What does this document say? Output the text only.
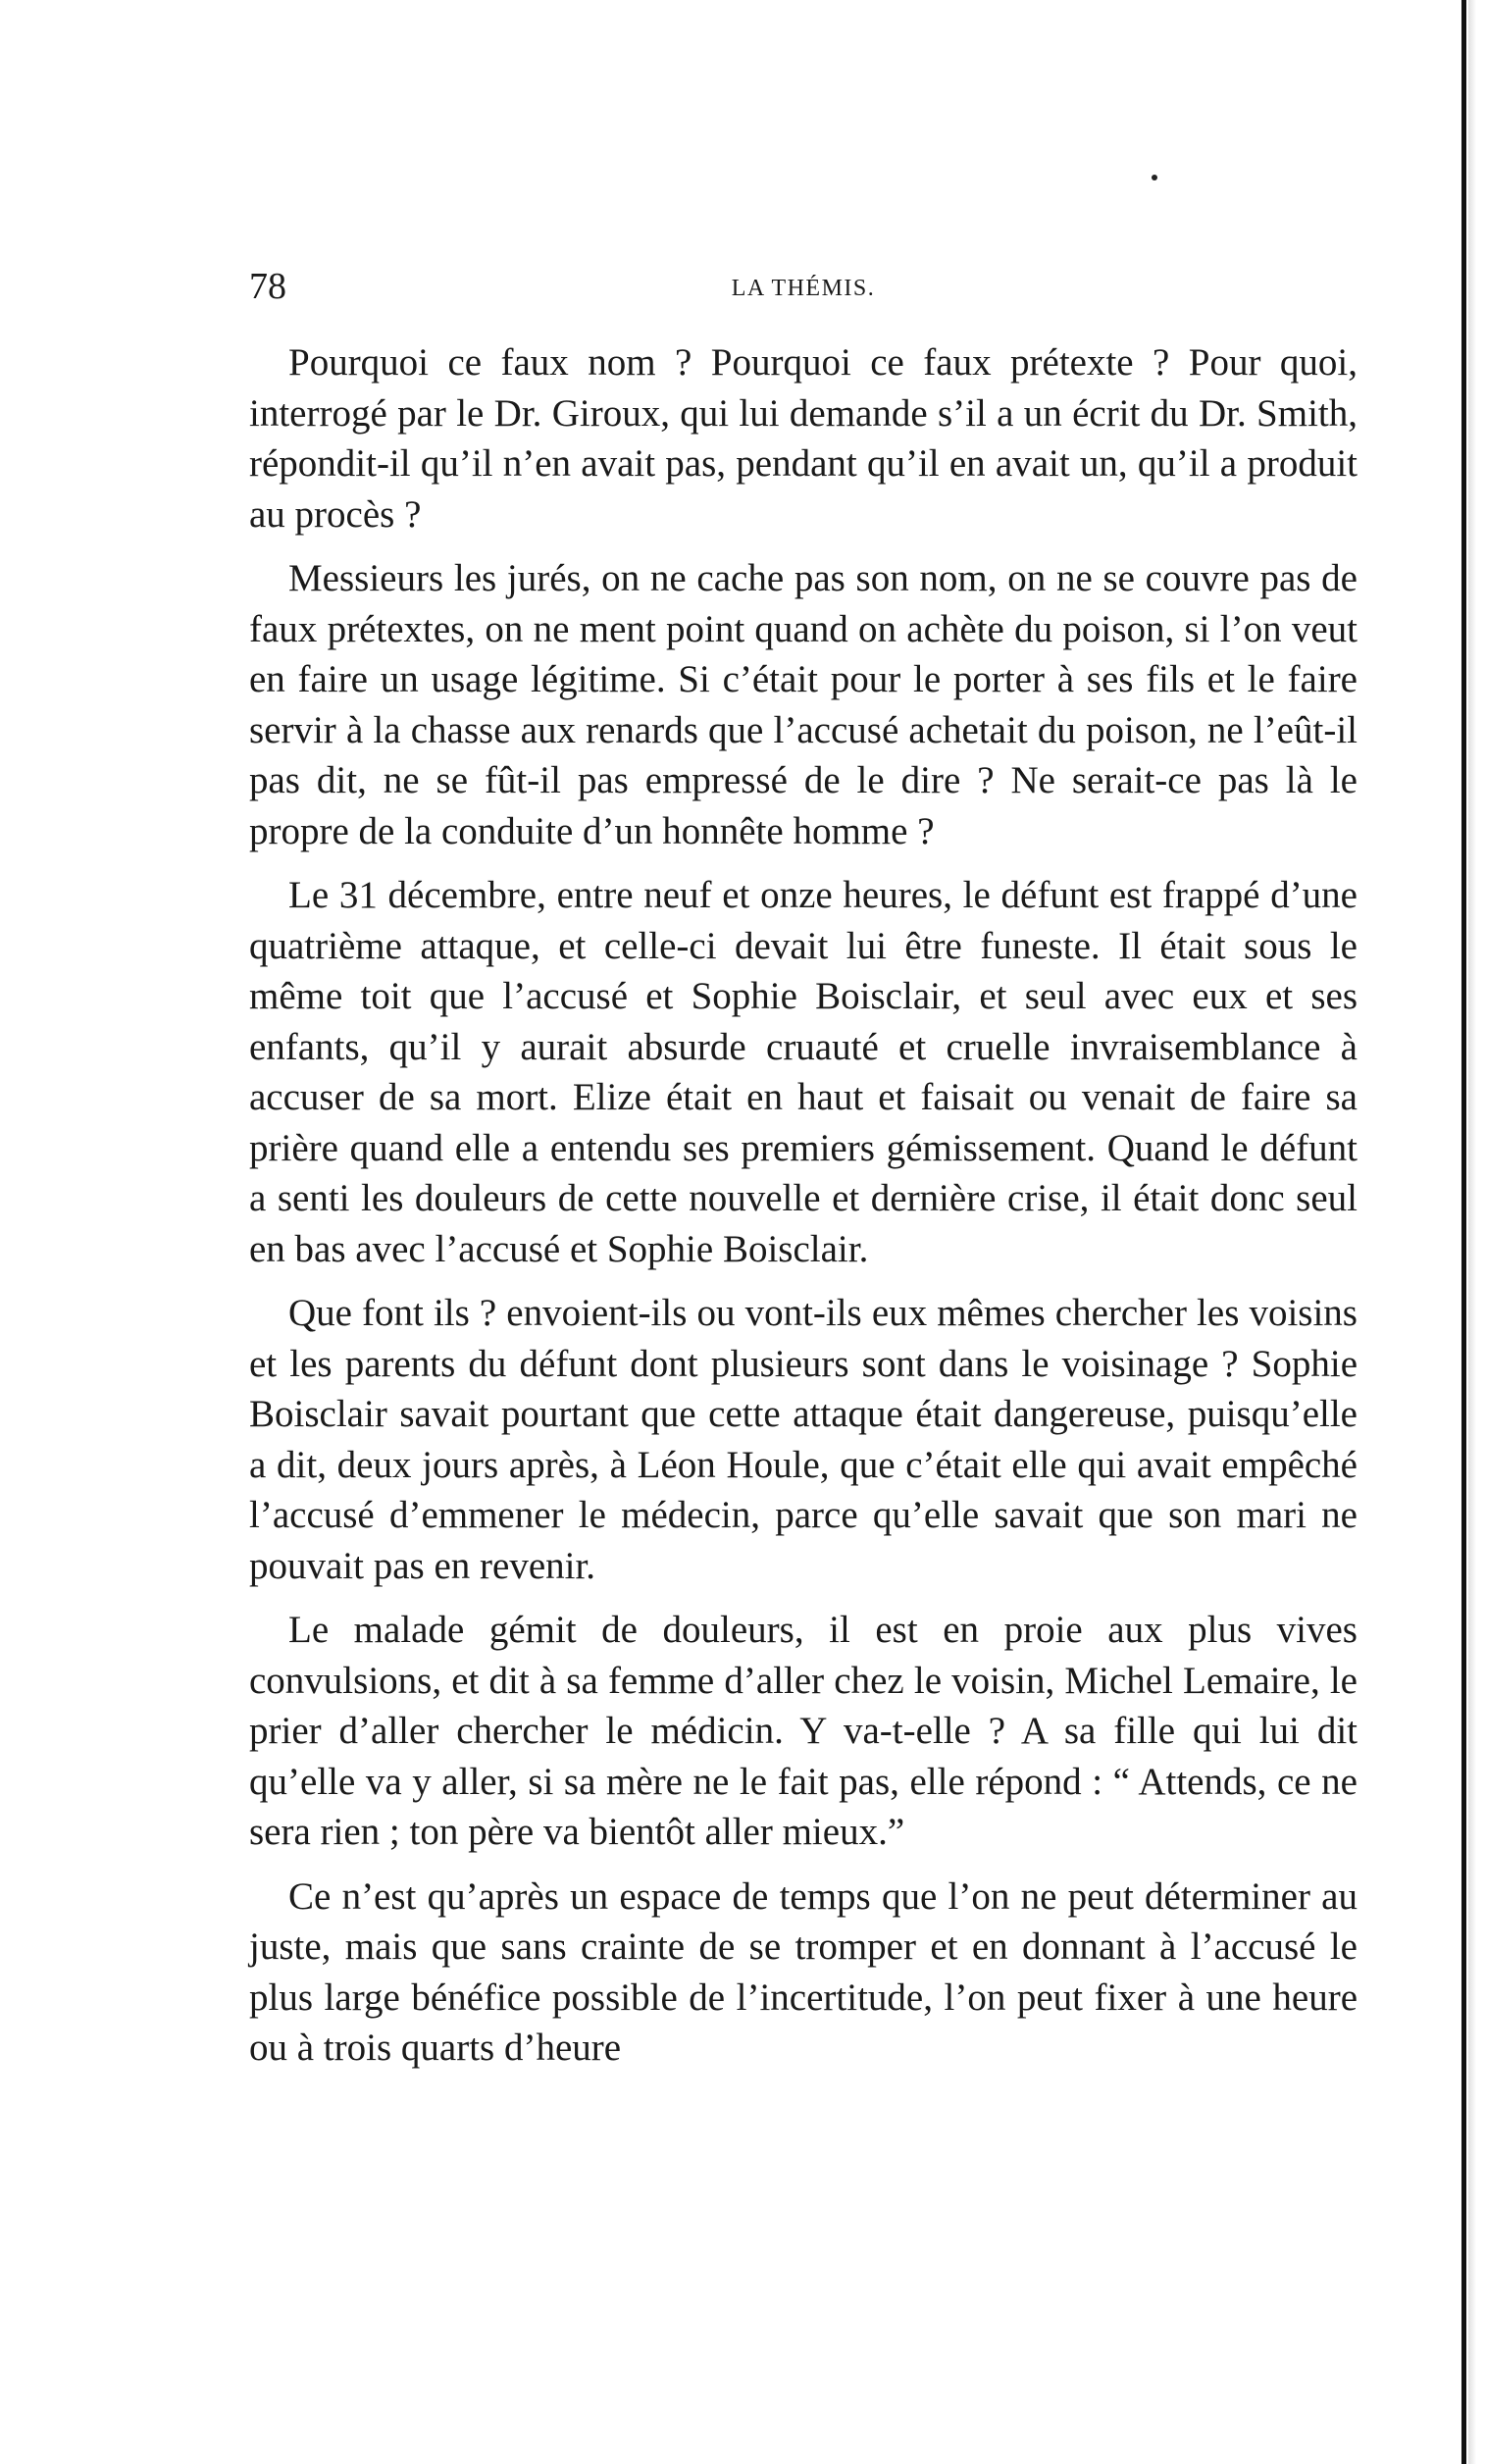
78	LA THÉMIS.

Pourquoi ce faux nom ? Pourquoi ce faux prétexte ? Pour quoi, interrogé par le Dr. Giroux, qui lui demande s’il a un écrit du Dr. Smith, répondit-il qu’il n’en avait pas, pendant qu’il en avait un, qu’il a produit au procès ?

Messieurs les jurés, on ne cache pas son nom, on ne se couvre pas de faux prétextes, on ne ment point quand on achète du poison, si l’on veut en faire un usage légitime. Si c’était pour le porter à ses fils et le faire servir à la chasse aux renards que l’accusé achetait du poison, ne l’eût-il pas dit, ne se fût-il pas empressé de le dire ? Ne serait-ce pas là le propre de la conduite d’un honnête homme ?

Le 31 décembre, entre neuf et onze heures, le défunt est frappé d’une quatrième attaque, et celle-ci devait lui être funeste. Il était sous le même toit que l’accusé et Sophie Boisclair, et seul avec eux et ses enfants, qu’il y aurait absurde cruauté et cruelle invraisemblance à accuser de sa mort. Elize était en haut et faisait ou venait de faire sa prière quand elle a entendu ses premiers gémissement. Quand le défunt a senti les douleurs de cette nouvelle et dernière crise, il était donc seul en bas avec l’accusé et Sophie Boisclair.

Que font ils ? envoient-ils ou vont-ils eux mêmes chercher les voisins et les parents du défunt dont plusieurs sont dans le voisinage ? Sophie Boisclair savait pourtant que cette attaque était dangereuse, puisqu’elle a dit, deux jours après, à Léon Houle, que c’était elle qui avait empêché l’accusé d’emmener le médecin, parce qu’elle savait que son mari ne pouvait pas en revenir.

Le malade gémit de douleurs, il est en proie aux plus vives convulsions, et dit à sa femme d’aller chez le voisin, Michel Lemaire, le prier d’aller chercher le médicin. Y va-t-elle ? A sa fille qui lui dit qu’elle va y aller, si sa mère ne le fait pas, elle répond : “ Attends, ce ne sera rien ; ton père va bientôt aller mieux.”

Ce n’est qu’après un espace de temps que l’on ne peut déterminer au juste, mais que sans crainte de se tromper et en donnant à l’accusé le plus large bénéfice possible de l’incertitude, l’on peut fixer à une heure ou à trois quarts d’heure
